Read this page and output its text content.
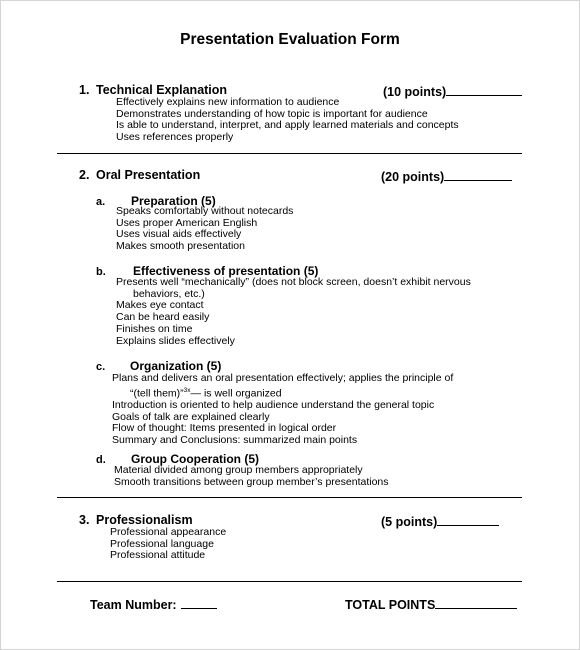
Presentation Evaluation Form
1. Technical Explanation	(10 points)
Effectively explains new information to audience
Demonstrates understanding of how topic is important for audience
Is able to understand, interpret, and apply learned materials and concepts
Uses references properly
2. Oral Presentation	(20 points)
a. Preparation (5)
Speaks comfortably without notecards
Uses proper American English
Uses visual aids effectively
Makes smooth presentation
b. Effectiveness of presentation (5)
Presents well “mechanically” (does not block screen, doesn’t exhibit nervous
behaviors, etc.)
Makes eye contact
Can be heard easily
Finishes on time
Explains slides effectively
c. Organization (5)
Plans and delivers an oral presentation effectively; applies the principle of
“(tell them)”$^{3x}$— is well organized
Introduction is oriented to help audience understand the general topic
Goals of talk are explained clearly
Flow of thought: Items presented in logical order
Summary and Conclusions: summarized main points
d. Group Cooperation (5)
Material divided among group members appropriately
Smooth transitions between group member’s presentations
3. Professionalism	(5 points)
Professional appearance
Professional language
Professional attitude
Team Number:	TOTAL POINTS
